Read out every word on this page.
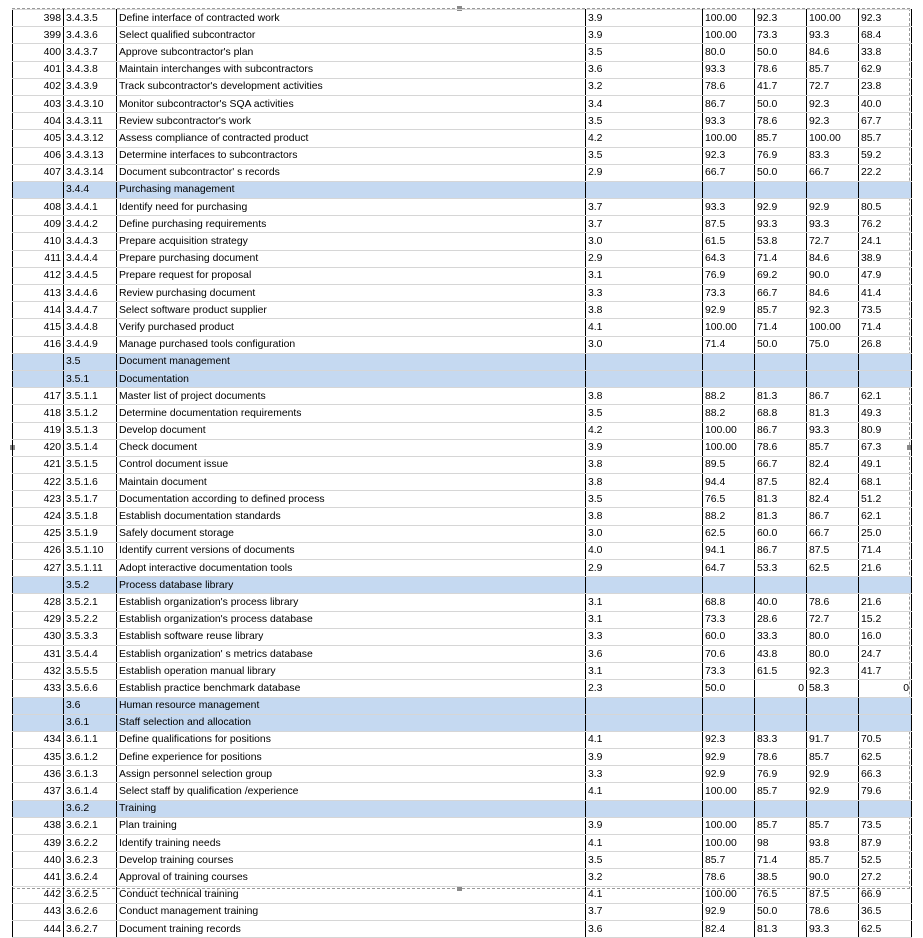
398	3.4.3.5	Define interface of contracted work	3.9	100.00	92.3	100.00	92.3
399	3.4.3.6	Select qualified subcontractor	3.9	100.00	73.3	93.3	68.4
400	3.4.3.7	Approve subcontractor's plan	3.5	80.0	50.0	84.6	33.8
401	3.4.3.8	Maintain interchanges with subcontractors	3.6	93.3	78.6	85.7	62.9
402	3.4.3.9	Track subcontractor's development activities	3.2	78.6	41.7	72.7	23.8
403	3.4.3.10	Monitor subcontractor's SQA activities	3.4	86.7	50.0	92.3	40.0
404	3.4.3.11	Review subcontractor's work	3.5	93.3	78.6	92.3	67.7
405	3.4.3.12	Assess compliance of contracted product	4.2	100.00	85.7	100.00	85.7
406	3.4.3.13	Determine interfaces to subcontractors	3.5	92.3	76.9	83.3	59.2
407	3.4.3.14	Document subcontractor' s records	2.9	66.7	50.0	66.7	22.2
	3.4.4	Purchasing management					
408	3.4.4.1	Identify need for purchasing	3.7	93.3	92.9	92.9	80.5
409	3.4.4.2	Define purchasing requirements	3.7	87.5	93.3	93.3	76.2
410	3.4.4.3	Prepare acquisition strategy	3.0	61.5	53.8	72.7	24.1
411	3.4.4.4	Prepare purchasing document	2.9	64.3	71.4	84.6	38.9
412	3.4.4.5	Prepare request for proposal	3.1	76.9	69.2	90.0	47.9
413	3.4.4.6	Review purchasing document	3.3	73.3	66.7	84.6	41.4
414	3.4.4.7	Select software product supplier	3.8	92.9	85.7	92.3	73.5
415	3.4.4.8	Verify purchased product	4.1	100.00	71.4	100.00	71.4
416	3.4.4.9	Manage purchased tools configuration	3.0	71.4	50.0	75.0	26.8
	3.5	Document management					
	3.5.1	Documentation					
417	3.5.1.1	Master list of project documents	3.8	88.2	81.3	86.7	62.1
418	3.5.1.2	Determine documentation requirements	3.5	88.2	68.8	81.3	49.3
419	3.5.1.3	Develop document	4.2	100.00	86.7	93.3	80.9
420	3.5.1.4	Check document	3.9	100.00	78.6	85.7	67.3
421	3.5.1.5	Control document issue	3.8	89.5	66.7	82.4	49.1
422	3.5.1.6	Maintain document	3.8	94.4	87.5	82.4	68.1
423	3.5.1.7	Documentation according to defined process	3.5	76.5	81.3	82.4	51.2
424	3.5.1.8	Establish documentation standards	3.8	88.2	81.3	86.7	62.1
425	3.5.1.9	Safely document storage	3.0	62.5	60.0	66.7	25.0
426	3.5.1.10	Identify current versions of documents	4.0	94.1	86.7	87.5	71.4
427	3.5.1.11	Adopt interactive documentation tools	2.9	64.7	53.3	62.5	21.6
	3.5.2	Process database library					
428	3.5.2.1	Establish organization's process library	3.1	68.8	40.0	78.6	21.6
429	3.5.2.2	Establish organization's process database	3.1	73.3	28.6	72.7	15.2
430	3.5.3.3	Establish software reuse library	3.3	60.0	33.3	80.0	16.0
431	3.5.4.4	Establish organization' s metrics database	3.6	70.6	43.8	80.0	24.7
432	3.5.5.5	Establish operation manual library	3.1	73.3	61.5	92.3	41.7
433	3.5.6.6	Establish practice benchmark database	2.3	50.0	0	58.3	0
	3.6	Human resource management					
	3.6.1	Staff selection and allocation					
434	3.6.1.1	Define qualifications for positions	4.1	92.3	83.3	91.7	70.5
435	3.6.1.2	Define experience for positions	3.9	92.9	78.6	85.7	62.5
436	3.6.1.3	Assign personnel selection group	3.3	92.9	76.9	92.9	66.3
437	3.6.1.4	Select staff by qualification /experience	4.1	100.00	85.7	92.9	79.6
	3.6.2	Training					
438	3.6.2.1	Plan training	3.9	100.00	85.7	85.7	73.5
439	3.6.2.2	Identify training needs	4.1	100.00	98	93.8	87.9
440	3.6.2.3	Develop training courses	3.5	85.7	71.4	85.7	52.5
441	3.6.2.4	Approval of training courses	3.2	78.6	38.5	90.0	27.2
442	3.6.2.5	Conduct technical training	4.1	100.00	76.5	87.5	66.9
443	3.6.2.6	Conduct management training	3.7	92.9	50.0	78.6	36.5
444	3.6.2.7	Document training records	3.6	82.4	81.3	93.3	62.5
